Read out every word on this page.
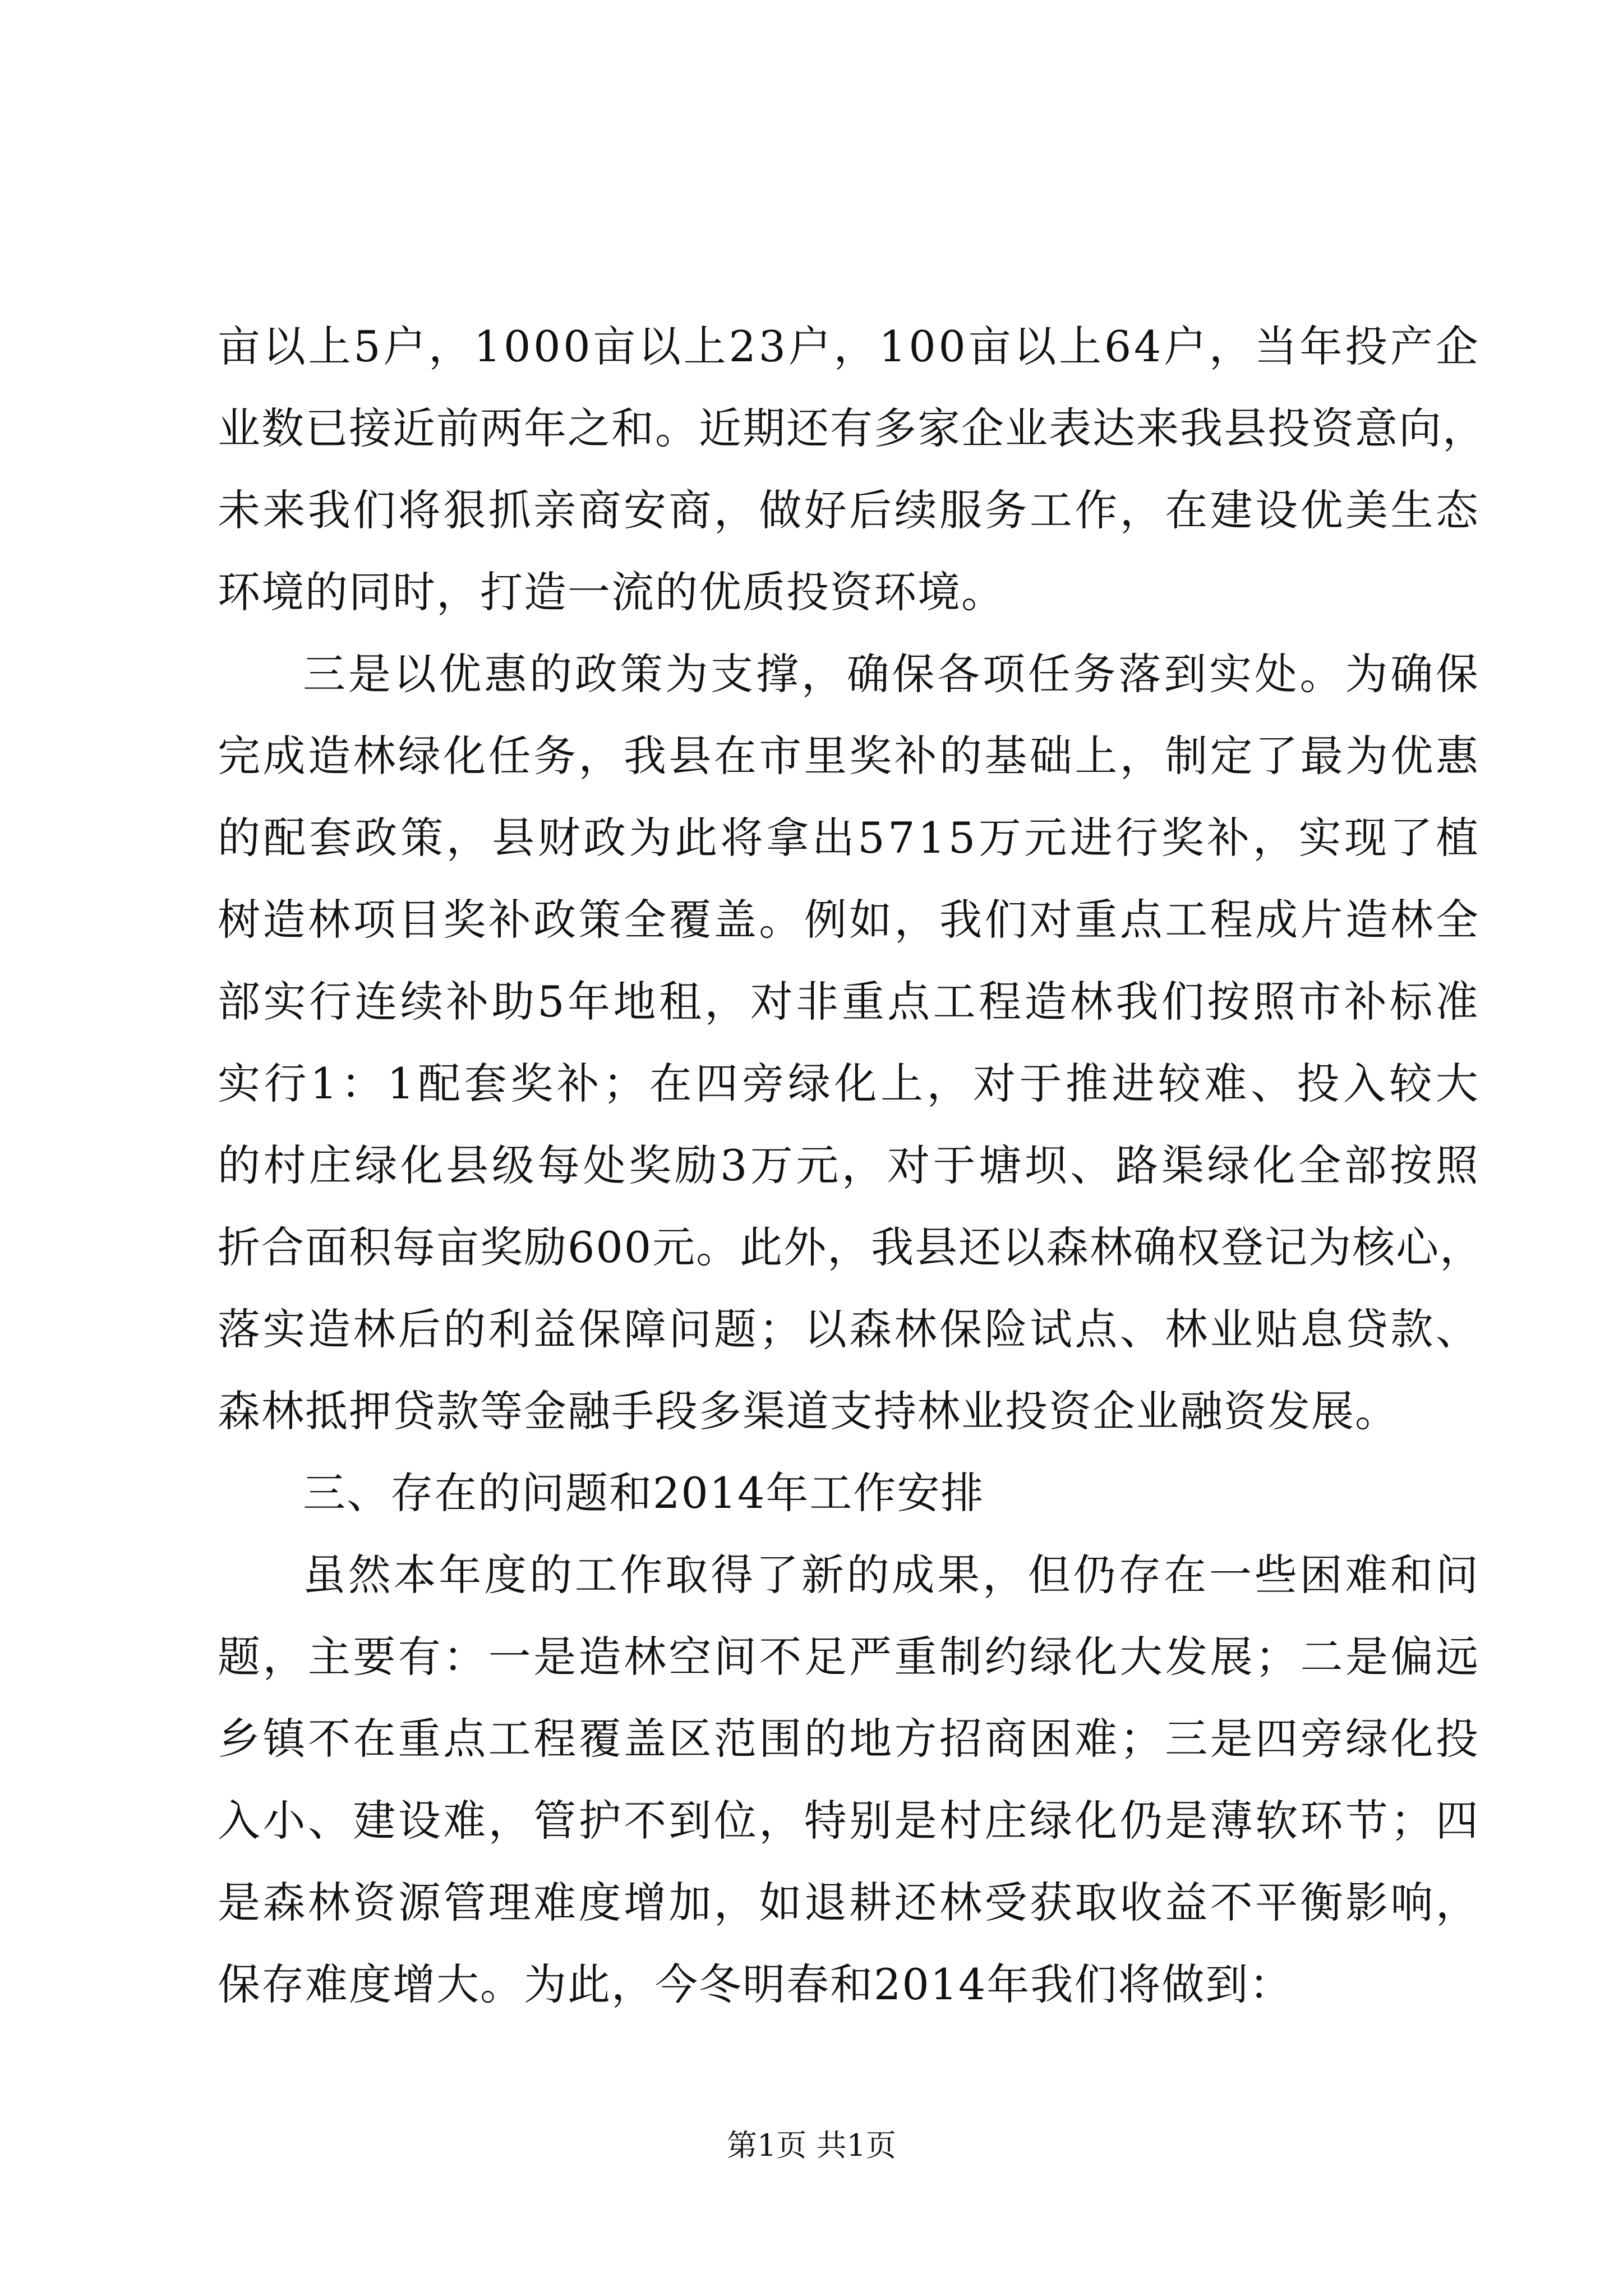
亩 以 上 5 户 ， 1 0 0 0 亩 以 上 2 3 户 ， 1 0 0 亩 以 上 6 4 户 ， 当 年 投 产 企
业 数 已 接 近 前 两 年 之 和 。 近 期 还 有 多 家 企 业 表 达 来 我 县 投 资 意 向 ，
未 来 我 们 将 狠 抓 亲 商 安 商 ， 做 好 后 续 服 务 工 作 ， 在 建 设 优 美 生 态
环境的同时，打造一流的优质投资环境。
三 是 以 优 惠 的 政 策 为 支 撑 ， 确 保 各 项 任 务 落 到 实 处 。 为 确 保
完 成 造 林 绿 化 任 务 ， 我 县 在 市 里 奖 补 的 基 础 上 ， 制 定 了 最 为 优 惠
的 配 套 政 策 ， 县 财 政 为 此 将 拿 出 5 7 1 5 万 元 进 行 奖 补 ， 实 现 了 植
树 造 林 项 目 奖 补 政 策 全 覆 盖 。 例 如 ， 我 们 对 重 点 工 程 成 片 造 林 全
部 实 行 连 续 补 助 5 年 地 租 ， 对 非 重 点 工 程 造 林 我 们 按 照 市 补 标 准
实 行 1 ： 1 配 套 奖 补 ； 在 四 旁 绿 化 上 ， 对 于 推 进 较 难 、 投 入 较 大
的 村 庄 绿 化 县 级 每 处 奖 励 3 万 元 ， 对 于 塘 坝 、 路 渠 绿 化 全 部 按 照
折 合 面 积 每 亩 奖 励 6 0 0 元 。 此 外 ， 我 县 还 以 森 林 确 权 登 记 为 核 心 ，
落 实 造 林 后 的 利 益 保 障 问 题 ； 以 森 林 保 险 试 点 、 林 业 贴 息 贷 款 、
森林抵押贷款等金融手段多渠道支持林业投资企业融资发展。
三、存在的问题和2014年工作安排
虽 然 本 年 度 的 工 作 取 得 了 新 的 成 果 ， 但 仍 存 在 一 些 困 难 和 问
题 ， 主 要 有 ： 一 是 造 林 空 间 不 足 严 重 制 约 绿 化 大 发 展 ； 二 是 偏 远
乡 镇 不 在 重 点 工 程 覆 盖 区 范 围 的 地 方 招 商 困 难 ； 三 是 四 旁 绿 化 投
入 小 、 建 设 难 ， 管 护 不 到 位 ， 特 别 是 村 庄 绿 化 仍 是 薄 软 环 节 ； 四
是 森 林 资 源 管 理 难 度 增 加 ， 如 退 耕 还 林 受 获 取 收 益 不 平 衡 影 响 ，
保存难度增大。为此，今冬明春和2014年我们将做到：
第1页 共1页
